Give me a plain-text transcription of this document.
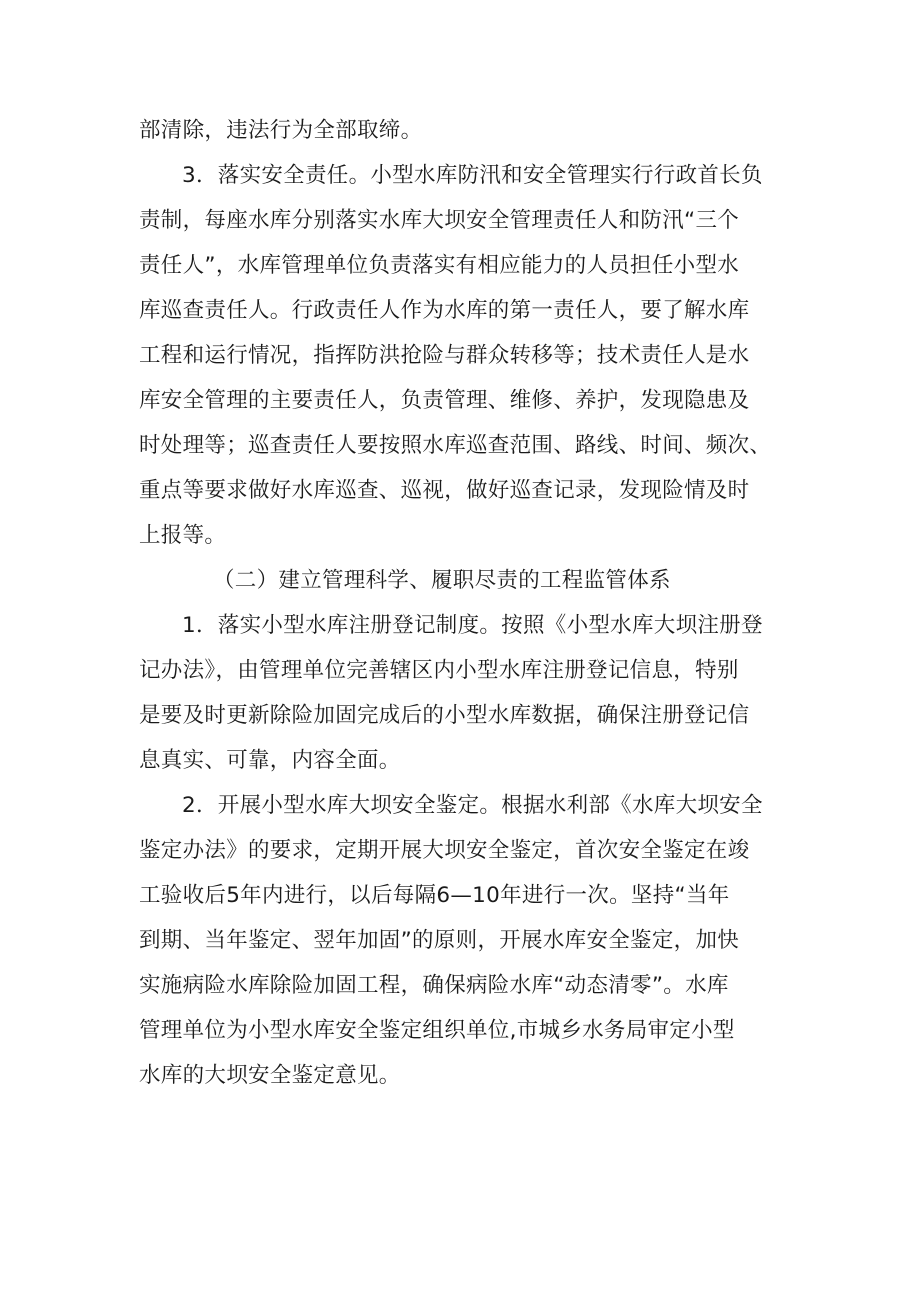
部清除，违法行为全部取缔。
3．落实安全责任。小型水库防汛和安全管理实行行政首长负
责制，每座水库分别落实水库大坝安全管理责任人和防汛“三个
责任人”，水库管理单位负责落实有相应能力的人员担任小型水
库巡查责任人。行政责任人作为水库的第一责任人，要了解水库
工程和运行情况，指挥防洪抢险与群众转移等；技术责任人是水
库安全管理的主要责任人，负责管理、维修、养护，发现隐患及
时处理等；巡查责任人要按照水库巡查范围、路线、时间、频次、
重点等要求做好水库巡查、巡视，做好巡查记录，发现险情及时
上报等。
（二）建立管理科学、履职尽责的工程监管体系
1．落实小型水库注册登记制度。按照《小型水库大坝注册登
记办法》，由管理单位完善辖区内小型水库注册登记信息，特别
是要及时更新除险加固完成后的小型水库数据，确保注册登记信
息真实、可靠，内容全面。
2．开展小型水库大坝安全鉴定。根据水利部《水库大坝安全
鉴定办法》的要求，定期开展大坝安全鉴定，首次安全鉴定在竣
工验收后5年内进行，以后每隔6—10年进行一次。坚持“当年
到期、当年鉴定、翌年加固”的原则，开展水库安全鉴定，加快
实施病险水库除险加固工程，确保病险水库“动态清零”。水库
管理单位为小型水库安全鉴定组织单位,市城乡水务局审定小型
水库的大坝安全鉴定意见。
